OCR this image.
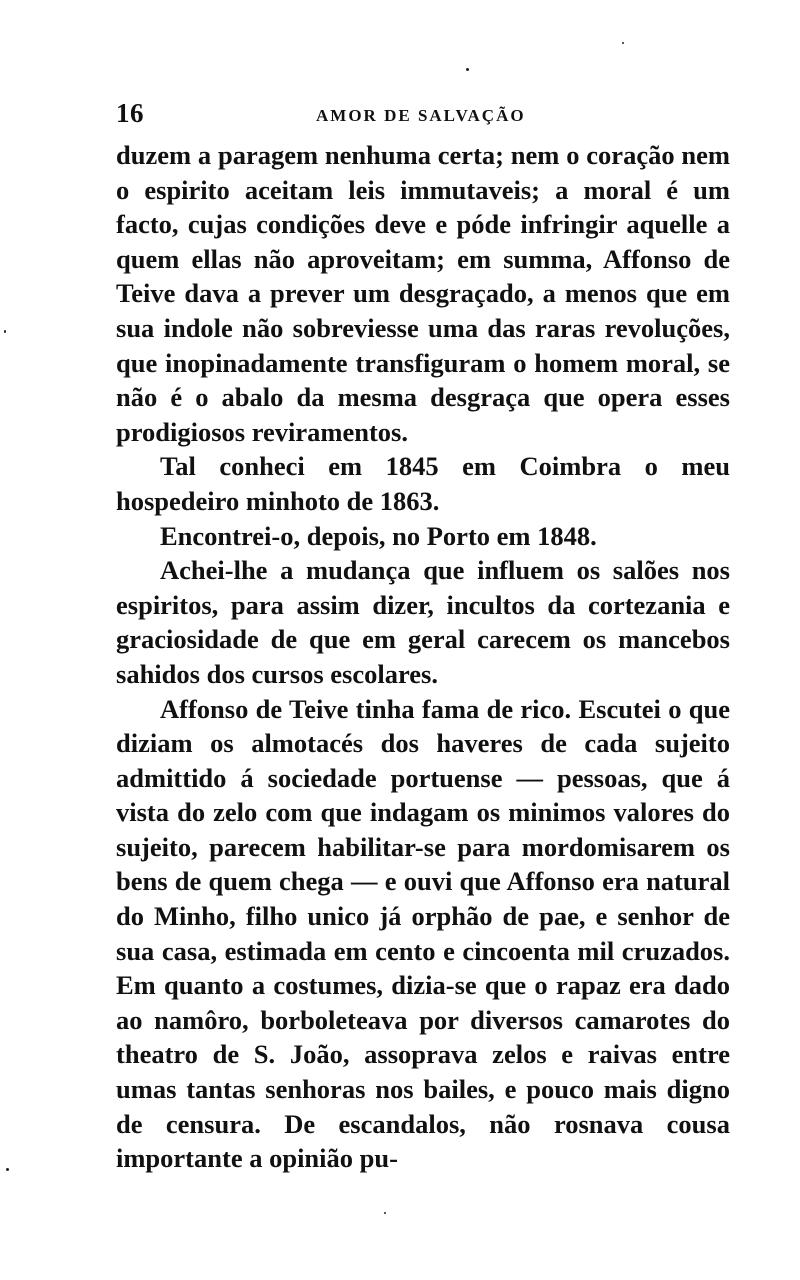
16	AMOR DE SALVAÇÃO

duzem a paragem nenhuma certa; nem o coração nem o espirito aceitam leis immutaveis; a moral é um facto, cujas condições deve e póde infringir aquelle a quem ellas não aproveitam; em summa, Affonso de Teive dava a prever um desgraçado, a menos que em sua indole não sobreviesse uma das raras revoluções, que inopinadamente transfiguram o homem moral, se não é o abalo da mesma desgraça que opera esses prodigiosos reviramentos.

Tal conheci em 1845 em Coimbra o meu hospedeiro minhoto de 1863.

Encontrei-o, depois, no Porto em 1848.

Achei-lhe a mudança que influem os salões nos espiritos, para assim dizer, incultos da cortezania e graciosidade de que em geral carecem os mancebos sahidos dos cursos escolares.

Affonso de Teive tinha fama de rico. Escutei o que diziam os almotacés dos haveres de cada sujeito admittido á sociedade portuense — pessoas, que á vista do zelo com que indagam os minimos valores do sujeito, parecem habilitar-se para mordomisarem os bens de quem chega — e ouvi que Affonso era natural do Minho, filho unico já orphão de pae, e senhor de sua casa, estimada em cento e cincoenta mil cruzados. Em quanto a costumes, dizia-se que o rapaz era dado ao namôro, borboleteava por diversos camarotes do theatro de S. João, assoprava zelos e raivas entre umas tantas senhoras nos bailes, e pouco mais digno de censura. De escandalos, não rosnava cousa importante a opinião pu-
